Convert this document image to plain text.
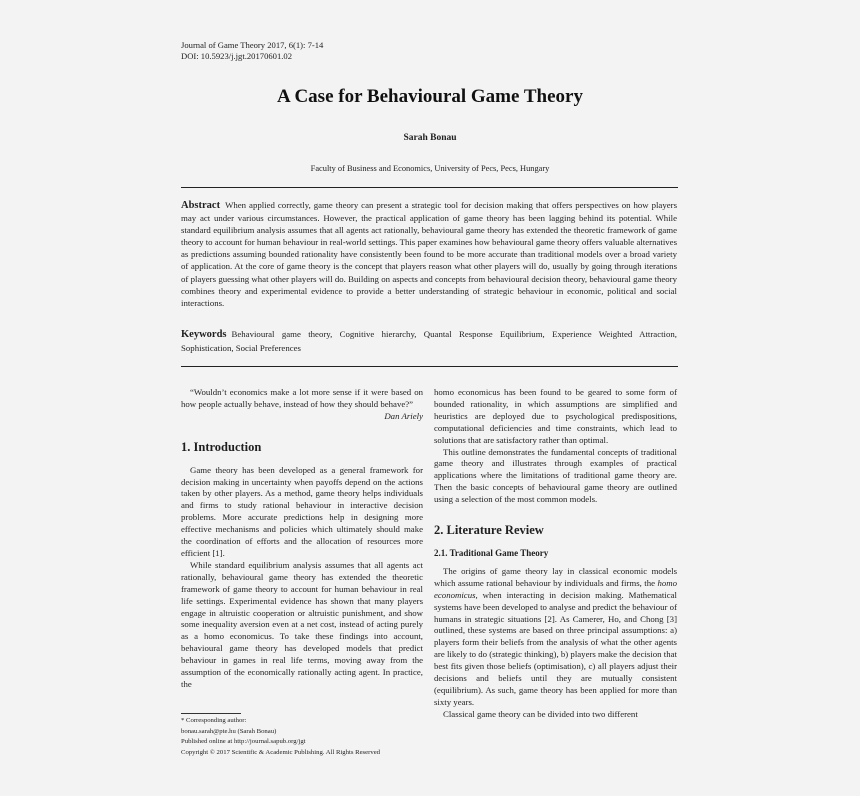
Journal of Game Theory 2017, 6(1): 7-14
DOI: 10.5923/j.jgt.20170601.02
A Case for Behavioural Game Theory
Sarah Bonau
Faculty of Business and Economics, University of Pecs, Pecs, Hungary
Abstract When applied correctly, game theory can present a strategic tool for decision making that offers perspectives on how players may act under various circumstances. However, the practical application of game theory has been lagging behind its potential. While standard equilibrium analysis assumes that all agents act rationally, behavioural game theory has extended the theoretic framework of game theory to account for human behaviour in real-world settings. This paper examines how behavioural game theory offers valuable alternatives as predictions assuming bounded rationality have consistently been found to be more accurate than traditional models over a broad variety of application. At the core of game theory is the concept that players reason what other players will do, usually by going through iterations of players guessing what other players will do. Building on aspects and concepts from behavioural decision theory, behavioural game theory combines theory and experimental evidence to provide a better understanding of strategic behaviour in economic, political and social interactions.
Keywords Behavioural game theory, Cognitive hierarchy, Quantal Response Equilibrium, Experience Weighted Attraction, Sophistication, Social Preferences

“Wouldn’t economics make a lot more sense if it were based on how people actually behave, instead of how they should behave?”

Dan Ariely

1. Introduction

Game theory has been developed as a general framework for decision making in uncertainty when payoffs depend on the actions taken by other players. As a method, game theory helps individuals and firms to study rational behaviour in interactive decision problems. More accurate predictions help in designing more effective mechanisms and policies which ultimately should make the coordination of efforts and the allocation of resources more efficient [1].

While standard equilibrium analysis assumes that all agents act rationally, behavioural game theory has extended the theoretic framework of game theory to account for human behaviour in real life settings. Experimental evidence has shown that many players engage in altruistic cooperation or altruistic punishment, and show some inequality aversion even at a net cost, instead of acting purely as a homo economicus. To take these findings into account, behavioural game theory has developed models that predict behaviour in games in real life terms, moving away from the assumption of the economically rationally acting agent. In practice, the

homo economicus has been found to be geared to some form of bounded rationality, in which assumptions are simplified and heuristics are deployed due to psychological predispositions, computational deficiencies and time constraints, which lead to solutions that are satisfactory rather than optimal.

This outline demonstrates the fundamental concepts of traditional game theory and illustrates through examples of practical applications where the limitations of traditional game theory are. Then the basic concepts of behavioural game theory are outlined using a selection of the most common models.

2. Literature Review

2.1. Traditional Game Theory

The origins of game theory lay in classical economic models which assume rational behaviour by individuals and firms, the homo economicus, when interacting in decision making. Mathematical systems have been developed to analyse and predict the behaviour of humans in strategic situations [2]. As Camerer, Ho, and Chong [3] outlined, these systems are based on three principal assumptions: a) players form their beliefs from the analysis of what the other agents are likely to do (strategic thinking), b) players make the decision that best fits given those beliefs (optimisation), c) all players adjust their decisions and beliefs until they are mutually consistent (equilibrium). As such, game theory has been applied for more than sixty years.

Classical game theory can be divided into two different

* Corresponding author:
bonau.sarah@pte.hu (Sarah Bonau)
Published online at http://journal.sapub.org/jgt
Copyright © 2017 Scientific & Academic Publishing. All Rights Reserved
